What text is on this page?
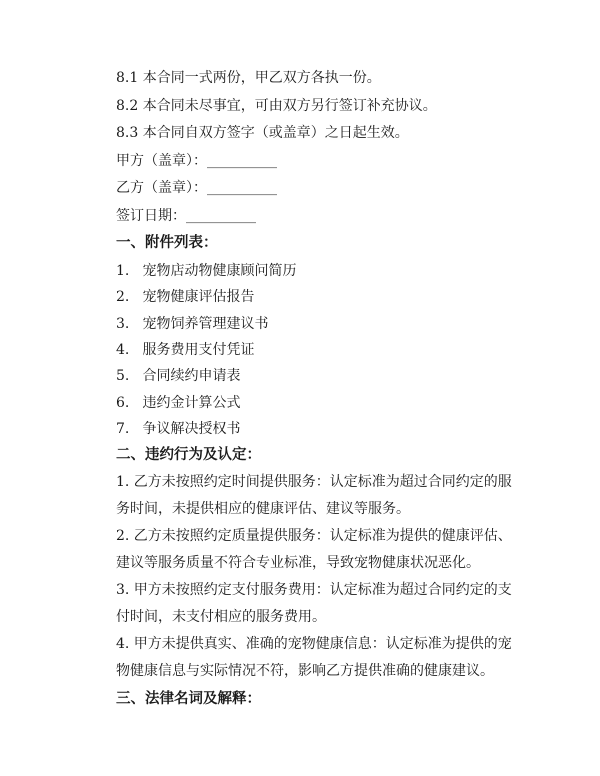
8.1 本合同一式两份，甲乙双方各执一份。
8.2 本合同未尽事宜，可由双方另行签订补充协议。
8.3 本合同自双方签字（或盖章）之日起生效。
甲方（盖章）：__________
乙方（盖章）：__________
签订日期：__________
一、附件列表：
1. 宠物店动物健康顾问简历
2. 宠物健康评估报告
3. 宠物饲养管理建议书
4. 服务费用支付凭证
5. 合同续约申请表
6. 违约金计算公式
7. 争议解决授权书
二、违约行为及认定：
1. 乙方未按照约定时间提供服务：认定标准为超过合同约定的服
务时间，未提供相应的健康评估、建议等服务。
2. 乙方未按照约定质量提供服务：认定标准为提供的健康评估、
建议等服务质量不符合专业标准，导致宠物健康状况恶化。
3. 甲方未按照约定支付服务费用：认定标准为超过合同约定的支
付时间，未支付相应的服务费用。
4. 甲方未提供真实、准确的宠物健康信息：认定标准为提供的宠
物健康信息与实际情况不符，影响乙方提供准确的健康建议。
三、法律名词及解释：
